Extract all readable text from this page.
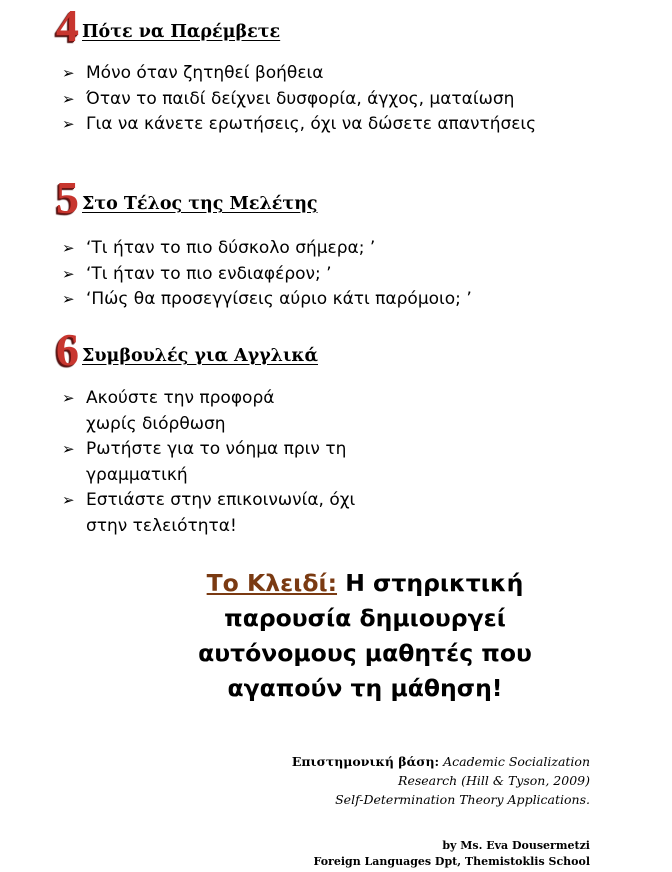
4 Πότε να Παρέμβετε
➢ Μόνο όταν ζητηθεί βοήθεια
➢ Όταν το παιδί δείχνει δυσφορία, άγχος, ματαίωση
➢ Για να κάνετε ερωτήσεις, όχι να δώσετε απαντήσεις
5 Στο Τέλος της Μελέτης
➢ ‘Τι ήταν το πιο δύσκολο σήμερα; ’
➢ ‘Τι ήταν το πιο ενδιαφέρον; ’
➢ ‘Πώς θα προσεγγίσεις αύριο κάτι παρόμοιο; ’
6 Συμβουλές για Αγγλικά
➢ Ακούστε την προφορά
χωρίς διόρθωση
➢ Ρωτήστε για το νόημα πριν τη
γραμματική
➢ Εστιάστε στην επικοινωνία, όχι
στην τελειότητα!
Το Κλειδί: Η στηρικτική
παρουσία δημιουργεί
αυτόνομους μαθητές που
αγαπούν τη μάθηση!
Επιστημονική βάση: Academic Socialization
Research (Hill & Tyson, 2009)
Self-Determination Theory Applications.
by Ms. Eva Dousermetzi
Foreign Languages Dpt, Themistoklis School
